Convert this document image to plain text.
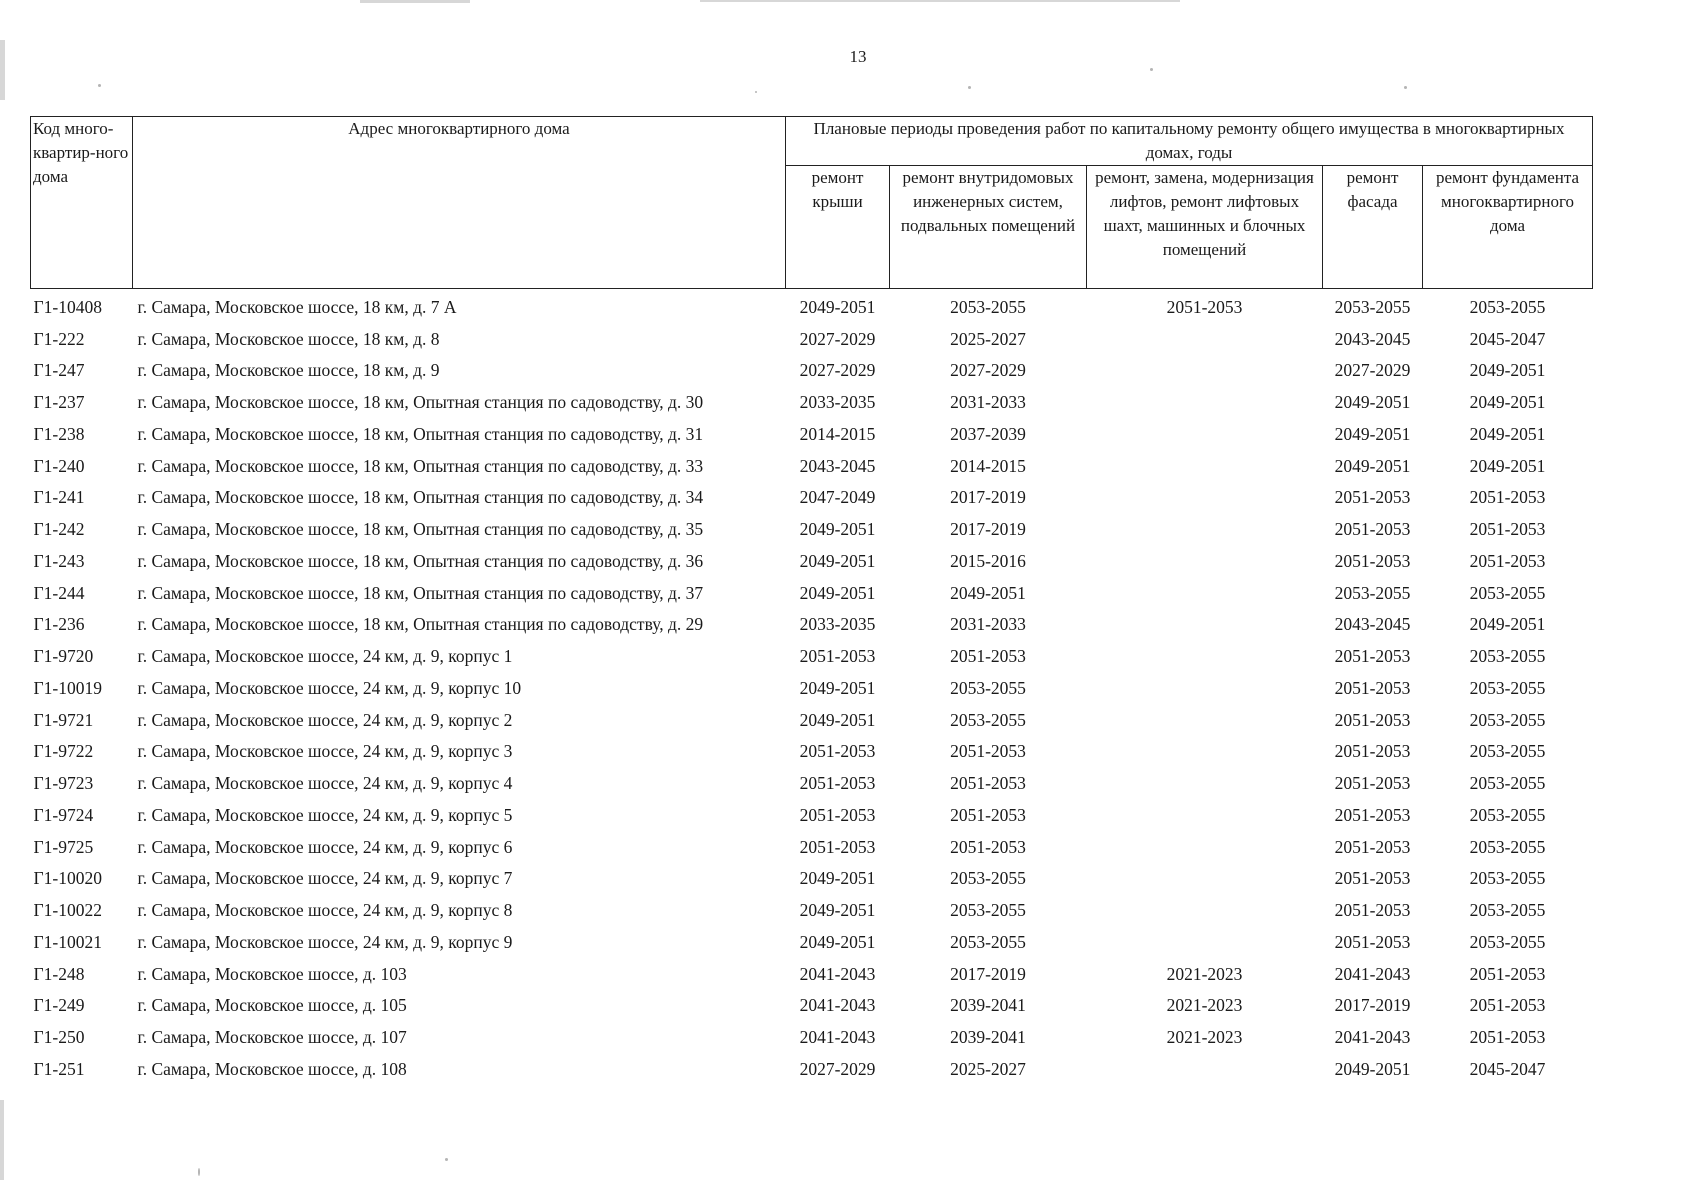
13
Код много-квартир-ного дома	Адрес многоквартирного дома	Плановые периоды проведения работ по капитальному ремонту общего имущества в многоквартирных домах, годы				
		ремонт крыши	ремонт внутридомовых инженерных систем, подвальных помещений	ремонт, замена, модернизация лифтов, ремонт лифтовых шахт, машинных и блочных помещений	ремонт фасада	ремонт фундамента многоквартирного дома
Г1-10408	г. Самара, Московское шоссе, 18 км, д. 7 А	2049-2051	2053-2055	2051-2053	2053-2055	2053-2055
Г1-222	г. Самара, Московское шоссе, 18 км, д. 8	2027-2029	2025-2027		2043-2045	2045-2047
Г1-247	г. Самара, Московское шоссе, 18 км, д. 9	2027-2029	2027-2029		2027-2029	2049-2051
Г1-237	г. Самара, Московское шоссе, 18 км, Опытная станция по садоводству, д. 30	2033-2035	2031-2033		2049-2051	2049-2051
Г1-238	г. Самара, Московское шоссе, 18 км, Опытная станция по садоводству, д. 31	2014-2015	2037-2039		2049-2051	2049-2051
Г1-240	г. Самара, Московское шоссе, 18 км, Опытная станция по садоводству, д. 33	2043-2045	2014-2015		2049-2051	2049-2051
Г1-241	г. Самара, Московское шоссе, 18 км, Опытная станция по садоводству, д. 34	2047-2049	2017-2019		2051-2053	2051-2053
Г1-242	г. Самара, Московское шоссе, 18 км, Опытная станция по садоводству, д. 35	2049-2051	2017-2019		2051-2053	2051-2053
Г1-243	г. Самара, Московское шоссе, 18 км, Опытная станция по садоводству, д. 36	2049-2051	2015-2016		2051-2053	2051-2053
Г1-244	г. Самара, Московское шоссе, 18 км, Опытная станция по садоводству, д. 37	2049-2051	2049-2051		2053-2055	2053-2055
Г1-236	г. Самара, Московское шоссе, 18 км, Опытная станция по садоводству, д. 29	2033-2035	2031-2033		2043-2045	2049-2051
Г1-9720	г. Самара, Московское шоссе, 24 км, д. 9, корпус 1	2051-2053	2051-2053		2051-2053	2053-2055
Г1-10019	г. Самара, Московское шоссе, 24 км, д. 9, корпус 10	2049-2051	2053-2055		2051-2053	2053-2055
Г1-9721	г. Самара, Московское шоссе, 24 км, д. 9, корпус 2	2049-2051	2053-2055		2051-2053	2053-2055
Г1-9722	г. Самара, Московское шоссе, 24 км, д. 9, корпус 3	2051-2053	2051-2053		2051-2053	2053-2055
Г1-9723	г. Самара, Московское шоссе, 24 км, д. 9, корпус 4	2051-2053	2051-2053		2051-2053	2053-2055
Г1-9724	г. Самара, Московское шоссе, 24 км, д. 9, корпус 5	2051-2053	2051-2053		2051-2053	2053-2055
Г1-9725	г. Самара, Московское шоссе, 24 км, д. 9, корпус 6	2051-2053	2051-2053		2051-2053	2053-2055
Г1-10020	г. Самара, Московское шоссе, 24 км, д. 9, корпус 7	2049-2051	2053-2055		2051-2053	2053-2055
Г1-10022	г. Самара, Московское шоссе, 24 км, д. 9, корпус 8	2049-2051	2053-2055		2051-2053	2053-2055
Г1-10021	г. Самара, Московское шоссе, 24 км, д. 9, корпус 9	2049-2051	2053-2055		2051-2053	2053-2055
Г1-248	г. Самара, Московское шоссе, д. 103	2041-2043	2017-2019	2021-2023	2041-2043	2051-2053
Г1-249	г. Самара, Московское шоссе, д. 105	2041-2043	2039-2041	2021-2023	2017-2019	2051-2053
Г1-250	г. Самара, Московское шоссе, д. 107	2041-2043	2039-2041	2021-2023	2041-2043	2051-2053
Г1-251	г. Самара, Московское шоссе, д. 108	2027-2029	2025-2027		2049-2051	2045-2047
